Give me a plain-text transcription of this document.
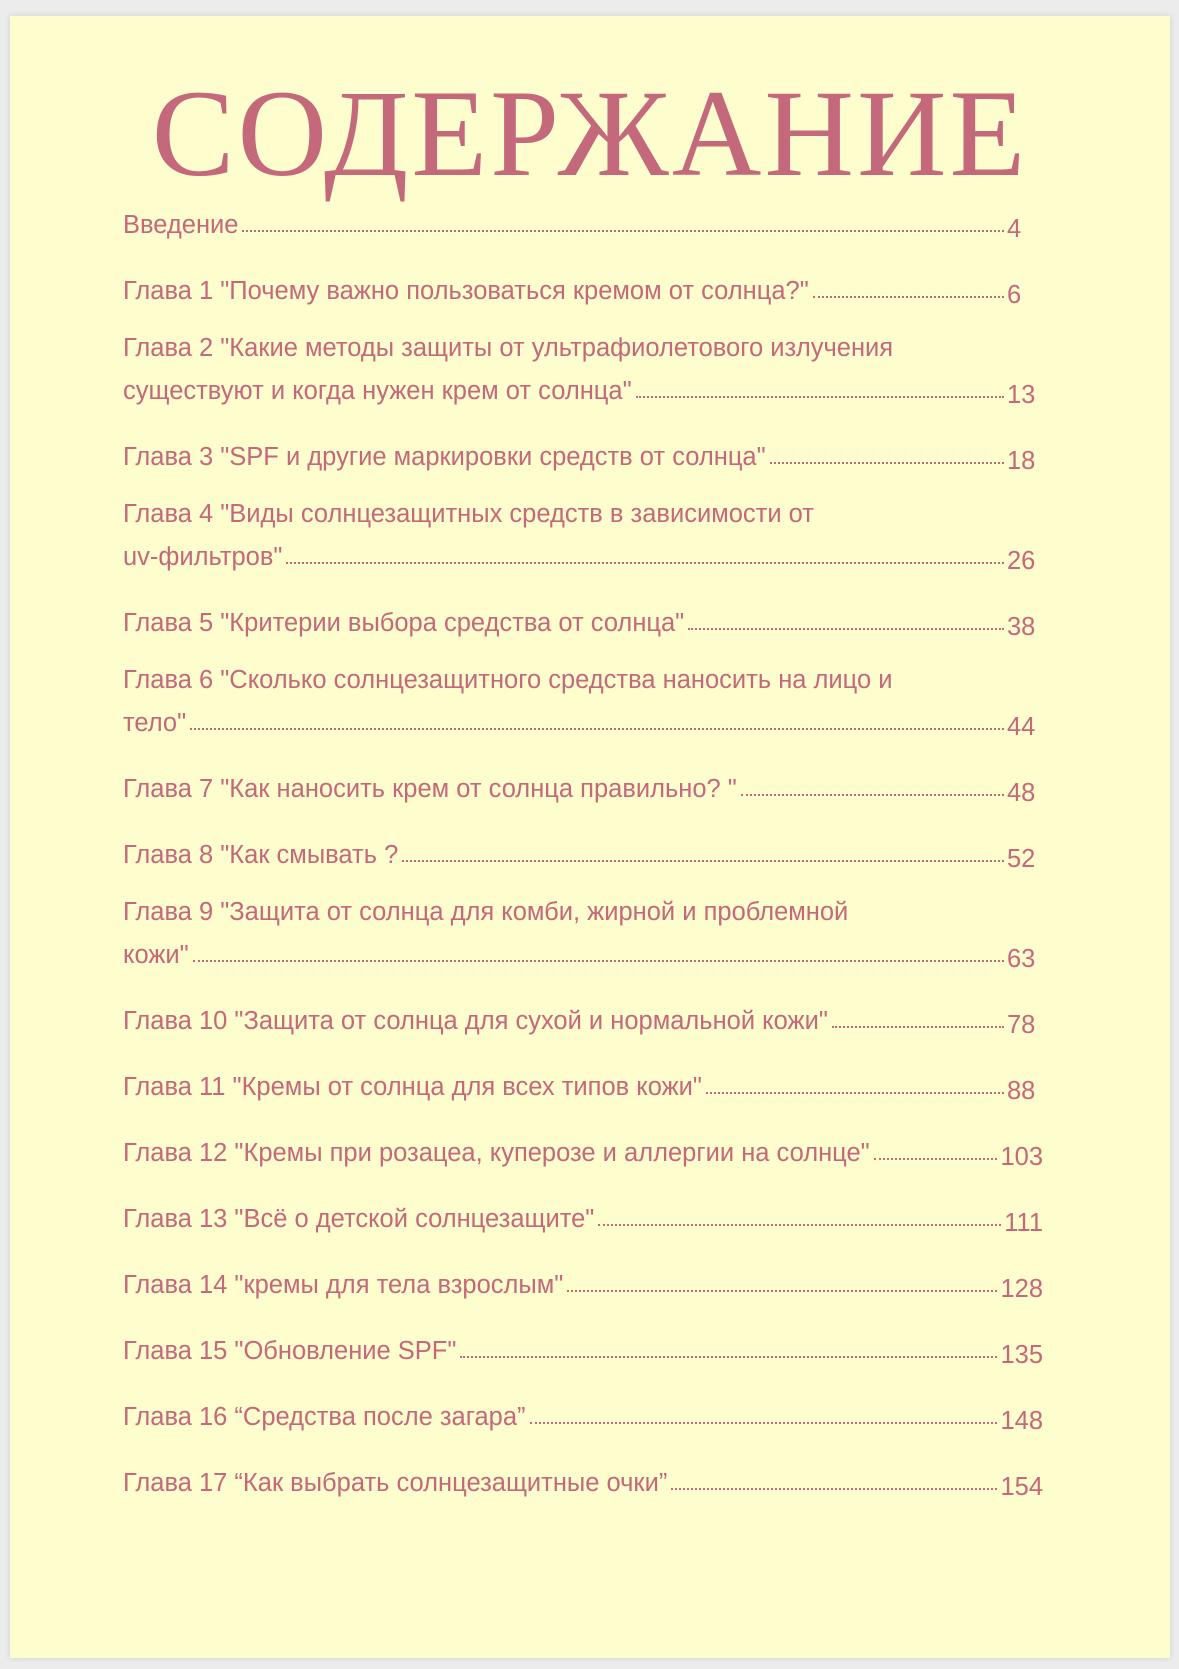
СОДЕРЖАНИЕ
Введение	4
Глава 1 "Почему важно пользоваться кремом от солнца?"	6
Глава 2 "Какие методы защиты от ультрафиолетового излучения
существуют и когда нужен крем от солнца"	13
Глава 3 "SPF и другие маркировки средств от солнца"	18
Глава 4 "Виды солнцезащитных средств в зависимости от
uv-фильтров"	26
Глава 5 "Критерии выбора средства от солнца"	38
Глава 6 "Сколько солнцезащитного средства наносить на лицо и
тело"	44
Глава 7 "Как наносить крем от солнца правильно? "	48
Глава 8 "Как смывать ?	52
Глава 9 "Защита от солнца для комби, жирной и проблемной
кожи"	63
Глава 10 "Защита от солнца для сухой и нормальной кожи"	78
Глава 11 "Кремы от солнца для всех типов кожи"	88
Глава 12 "Кремы при розацеа, куперозе и аллергии на солнце"	103
Глава 13 "Всё о детской солнцезащите"	111
Глава 14 "кремы для тела взрослым"	128
Глава 15 "Обновление SPF"	135
Глава 16 “Средства после загара”	148
Глава 17 “Как выбрать солнцезащитные очки”	154
